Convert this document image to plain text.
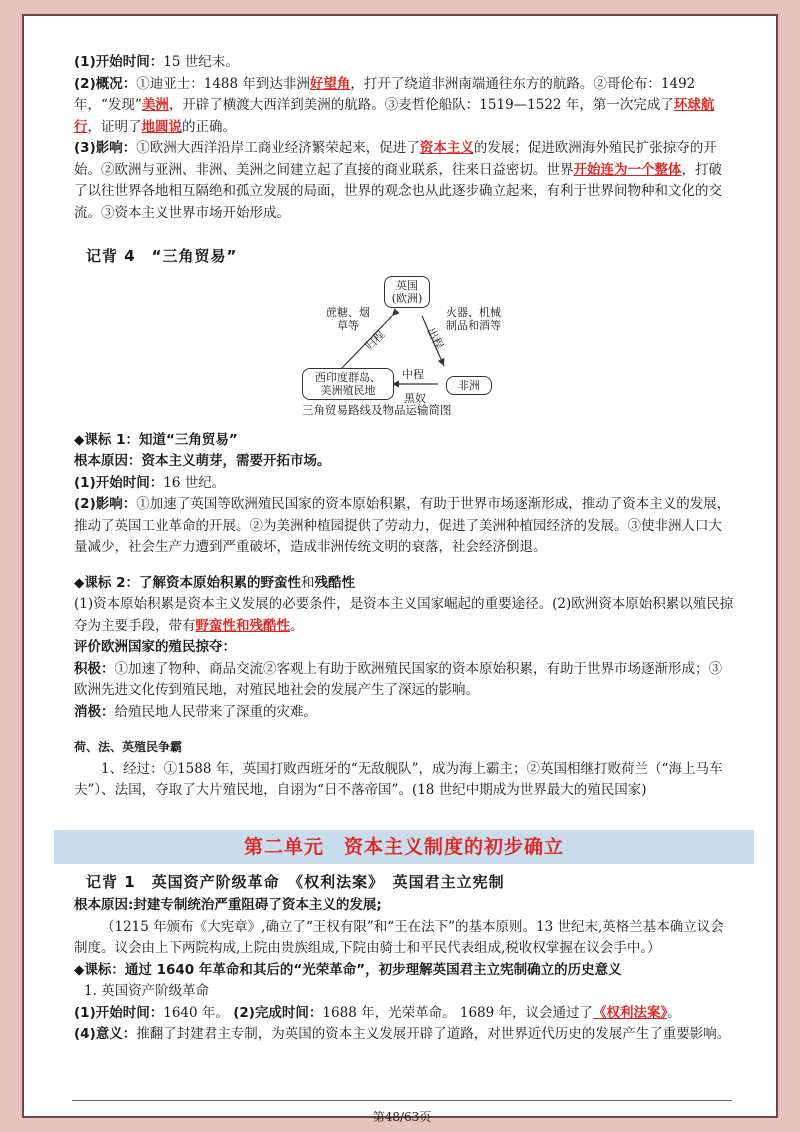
(1)开始时间：15 世纪末。

(2)概况：①迪亚士：1488 年到达非洲好望角，打开了绕道非洲南端通往东方的航路。②哥伦布：1492 年，“发现”美洲，开辟了横渡大西洋到美洲的航路。③麦哲伦船队：1519—1522 年，第一次完成了环球航行，证明了地圆说的正确。

(3)影响：①欧洲大西洋沿岸工商业经济繁荣起来，促进了资本主义的发展；促进欧洲海外殖民扩张掠夺的开始。②欧洲与亚洲、非洲、美洲之间建立起了直接的商业联系，往来日益密切。世界开始连为一个整体，打破了以往世界各地相互隔绝和孤立发展的局面，世界的观念也从此逐步确立起来，有利于世界间物种和文化的交流。③资本主义世界市场开始形成。

记背 4　“三角贸易”
英国
(欧洲)
西印度群岛、
美洲殖民地	非洲
蔗糖、烟
草等
火器、机械
制品和酒等
归程	出程
中程
黑奴
三角贸易路线及物品运输简图

◆课标 1：知道“三角贸易”

根本原因：资本主义萌芽，需要开拓市场。

(1)开始时间：16 世纪。

(2)影响：①加速了英国等欧洲殖民国家的资本原始积累，有助于世界市场逐渐形成，推动了资本主义的发展，推动了英国工业革命的开展。②为美洲种植园提供了劳动力，促进了美洲种植园经济的发展。③使非洲人口大量减少，社会生产力遭到严重破坏，造成非洲传统文明的衰落，社会经济倒退。

◆课标 2：了解资本原始积累的野蛮性和残酷性

(1)资本原始积累是资本主义发展的必要条件，是资本主义国家崛起的重要途径。(2)欧洲资本原始积累以殖民掠夺为主要手段，带有野蛮性和残酷性。

评价欧洲国家的殖民掠夺：

积极：①加速了物种、商品交流②客观上有助于欧洲殖民国家的资本原始积累，有助于世界市场逐渐形成；③欧洲先进文化传到殖民地，对殖民地社会的发展产生了深远的影响。

消极：给殖民地人民带来了深重的灾难。

荷、法、英殖民争霸

1、经过：①1588 年，英国打败西班牙的“无敌舰队”，成为海上霸主；②英国相继打败荷兰（“海上马车夫”）、法国，夺取了大片殖民地，自诩为“日不落帝国”。(18 世纪中期成为世界最大的殖民国家)

第二单元　资本主义制度的初步确立
记背 1　英国资产阶级革命　《权利法案》　英国君主立宪制

根本原因:封建专制统治严重阻碍了资本主义的发展;

（1215 年颁布《大宪章》,确立了“王权有限”和“王在法下”的基本原则。13 世纪末,英格兰基本确立议会制度。议会由上下两院构成,上院由贵族组成,下院由骑士和平民代表组成,税收权掌握在议会手中。）

◆课标：通过 1640 年革命和其后的“光荣革命”，初步理解英国君主立宪制确立的历史意义

1. 英国资产阶级革命

(1)开始时间：1640 年。 (2)完成时间：1688 年，光荣革命。 1689 年，议会通过了《权利法案》。

(4)意义：推翻了封建君主专制，为英国的资本主义发展开辟了道路，对世界近代历史的发展产生了重要影响。

第48/63页
